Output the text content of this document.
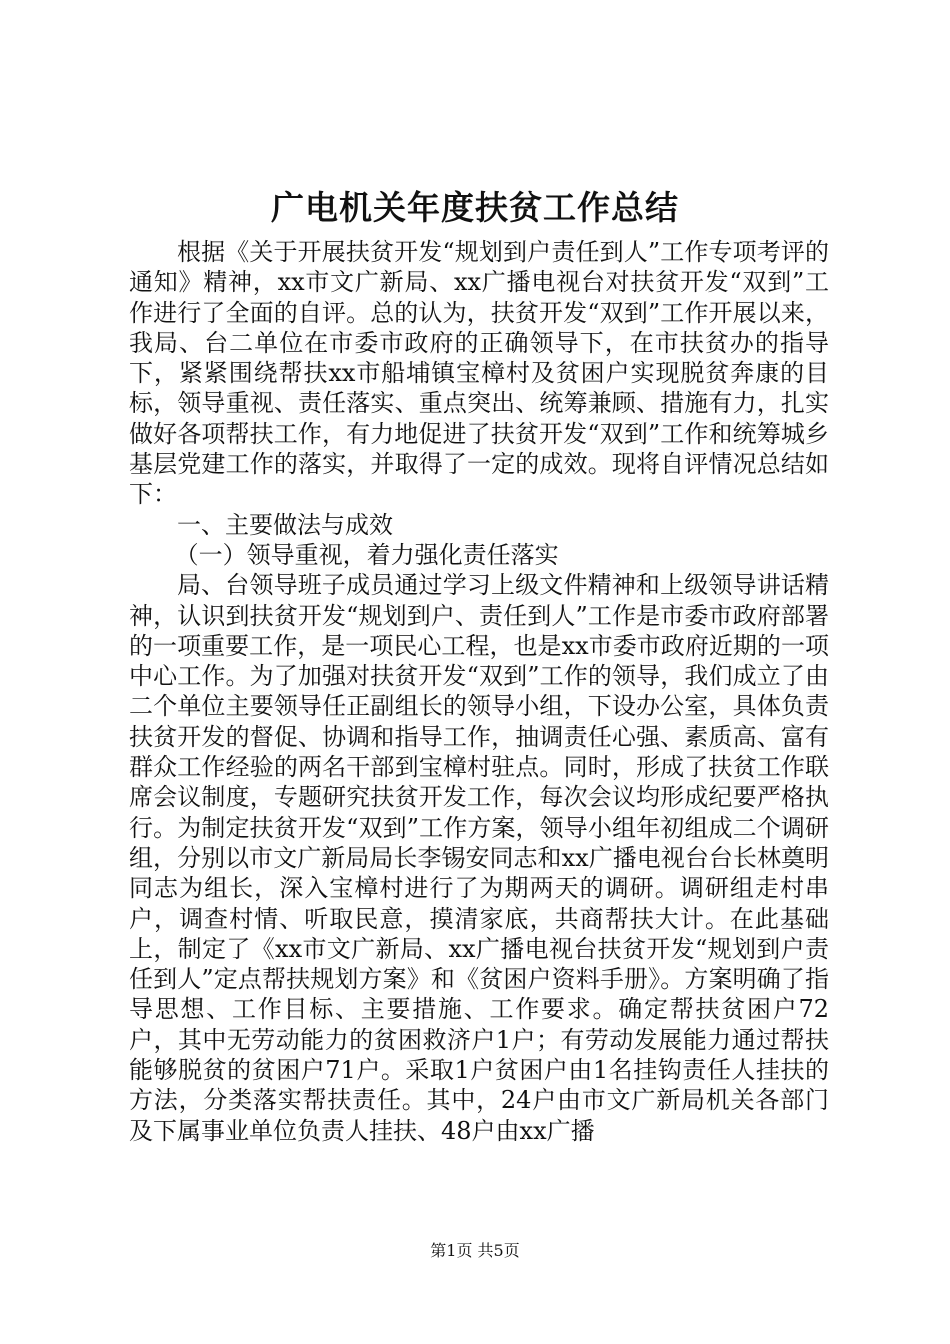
广电机关年度扶贫工作总结

根据《关于开展扶贫开发“规划到户责任到人”工作专项考评的通知》精神，xx市文广新局、xx广播电视台对扶贫开发“双到”工作进行了全面的自评。总的认为，扶贫开发“双到”工作开展以来，我局、台二单位在市委市政府的正确领导下，在市扶贫办的指导下，紧紧围绕帮扶xx市船埔镇宝樟村及贫困户实现脱贫奔康的目标，领导重视、责任落实、重点突出、统筹兼顾、措施有力，扎实做好各项帮扶工作，有力地促进了扶贫开发“双到”工作和统筹城乡基层党建工作的落实，并取得了一定的成效。现将自评情况总结如下：

一、主要做法与成效

（一）领导重视，着力强化责任落实

局、台领导班子成员通过学习上级文件精神和上级领导讲话精神，认识到扶贫开发“规划到户、责任到人”工作是市委市政府部署的一项重要工作，是一项民心工程，也是xx市委市政府近期的一项中心工作。为了加强对扶贫开发“双到”工作的领导，我们成立了由二个单位主要领导任正副组长的领导小组，下设办公室，具体负责扶贫开发的督促、协调和指导工作，抽调责任心强、素质高、富有群众工作经验的两名干部到宝樟村驻点。同时，形成了扶贫工作联席会议制度，专题研究扶贫开发工作，每次会议均形成纪要严格执行。为制定扶贫开发“双到”工作方案，领导小组年初组成二个调研组，分别以市文广新局局长李锡安同志和xx广播电视台台长林奠明同志为组长，深入宝樟村进行了为期两天的调研。调研组走村串户，调查村情、听取民意，摸清家底，共商帮扶大计。在此基础上，制定了《xx市文广新局、xx广播电视台扶贫开发“规划到户责任到人”定点帮扶规划方案》和《贫困户资料手册》。方案明确了指导思想、工作目标、主要措施、工作要求。确定帮扶贫困户72户，其中无劳动能力的贫困救济户1户；有劳动发展能力通过帮扶能够脱贫的贫困户71户。采取1户贫困户由1名挂钩责任人挂扶的方法，分类落实帮扶责任。其中，24户由市文广新局机关各部门及下属事业单位负责人挂扶、48户由xx广播

第1页 共5页
